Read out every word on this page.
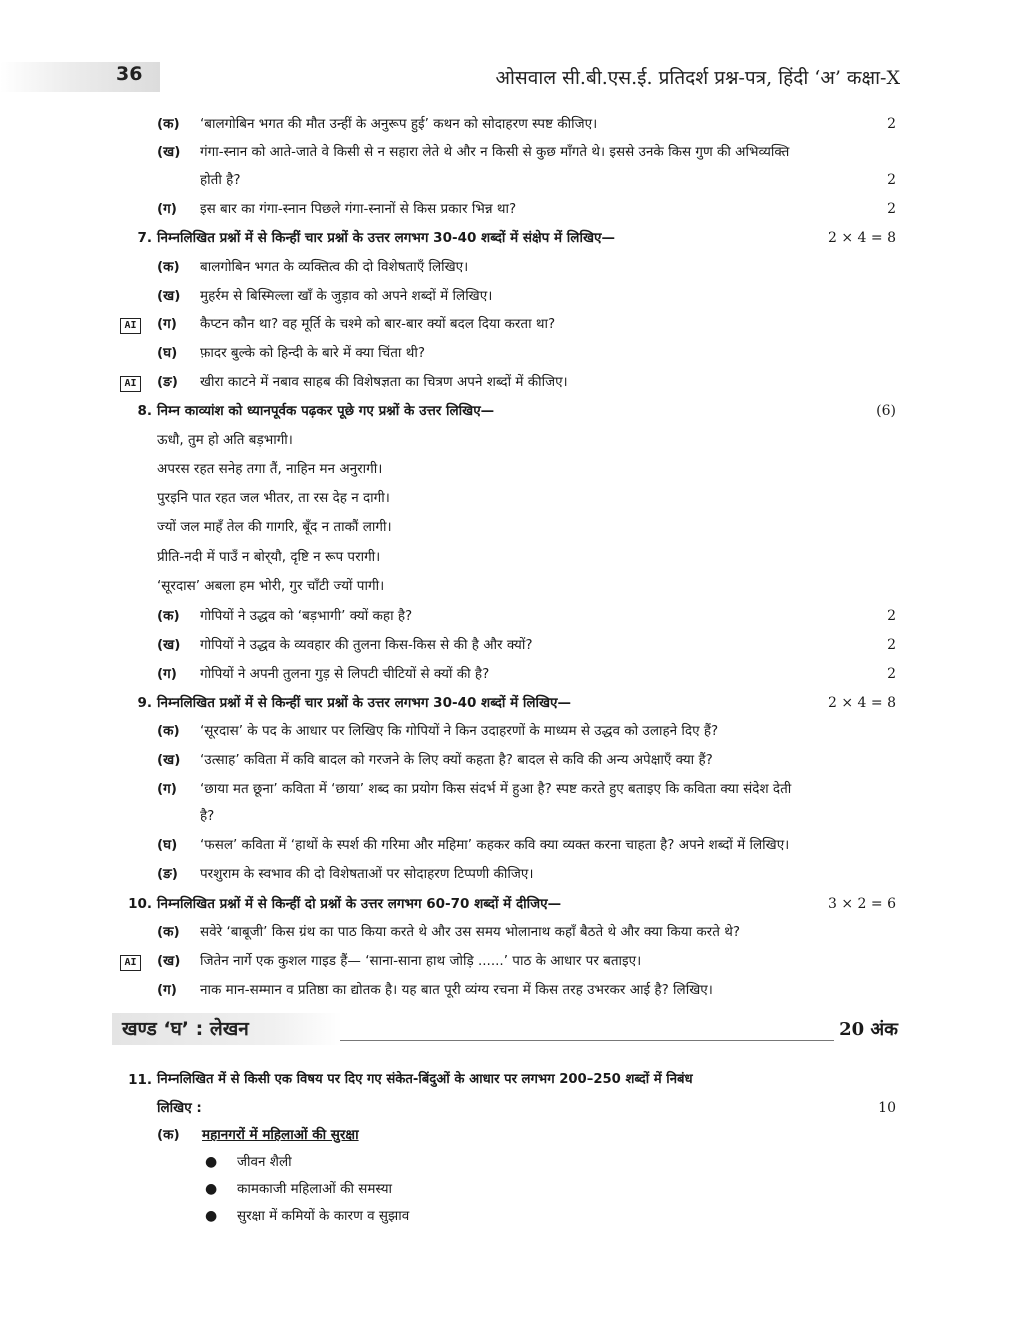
36	ओसवाल सी.बी.एस.ई. प्रतिदर्श प्रश्न-पत्र, हिंदी ‘अ’ कक्षा-X
(क) ‘बालगोबिन भगत की मौत उन्हीं के अनुरूप हुई’ कथन को सोदाहरण स्पष्ट कीजिए।	2
(ख) गंगा-स्नान को आते-जाते वे किसी से न सहारा लेते थे और न किसी से कुछ माँगते थे। इससे उनके किस गुण की अभिव्यक्ति
होती है?	2
(ग) इस बार का गंगा-स्नान पिछले गंगा-स्नानों से किस प्रकार भिन्न था?	2
7. निम्नलिखित प्रश्नों में से किन्हीं चार प्रश्नों के उत्तर लगभग 30-40 शब्दों में संक्षेप में लिखिए—	2 × 4 = 8
(क) बालगोबिन भगत के व्यक्तित्व की दो विशेषताएँ लिखिए।
(ख) मुहर्रम से बिस्मिल्ला खाँ के जुड़ाव को अपने शब्दों में लिखिए।
AI	(ग) कैप्टन कौन था? वह मूर्ति के चश्मे को बार-बार क्यों बदल दिया करता था?
(घ) फ़ादर बुल्के को हिन्दी के बारे में क्या चिंता थी?
AI	(ङ) खीरा काटने में नबाव साहब की विशेषज्ञता का चित्रण अपने शब्दों में कीजिए।
8. निम्न काव्यांश को ध्यानपूर्वक पढ़कर पूछे गए प्रश्नों के उत्तर लिखिए—	(6)
ऊधौ, तुम हो अति बड़भागी।
अपरस रहत सनेह तगा तैं, नाहिन मन अनुरागी।
पुरइनि पात रहत जल भीतर, ता रस देह न दागी।
ज्यों जल माहँ तेल की गागरि, बूँद न ताकौं लागी।
प्रीति-नदी में पाउँ न बोर्‌यौ, दृष्टि न रूप परागी।
‘सूरदास’ अबला हम भोरी, गुर चाँटी ज्यों पागी।
(क) गोपियों ने उद्धव को ‘बड़भागी’ क्यों कहा है?	2
(ख) गोपियों ने उद्धव के व्यवहार की तुलना किस-किस से की है और क्यों?	2
(ग) गोपियों ने अपनी तुलना गुड़ से लिपटी चीटियों से क्यों की है?	2
9. निम्नलिखित प्रश्नों में से किन्हीं चार प्रश्नों के उत्तर लगभग 30-40 शब्दों में लिखिए—	2 × 4 = 8
(क) ‘सूरदास’ के पद के आधार पर लिखिए कि गोपियों ने किन उदाहरणों के माध्यम से उद्धव को उलाहने दिए हैं?
(ख) ‘उत्साह’ कविता में कवि बादल को गरजने के लिए क्यों कहता है? बादल से कवि की अन्य अपेक्षाएँ क्या हैं?
(ग) ‘छाया मत छूना’ कविता में ‘छाया’ शब्द का प्रयोग किस संदर्भ में हुआ है? स्पष्ट करते हुए बताइए कि कविता क्या संदेश देती
है?
(घ) ‘फसल’ कविता में ‘हाथों के स्पर्श की गरिमा और महिमा’ कहकर कवि क्या व्यक्त करना चाहता है? अपने शब्दों में लिखिए।
(ङ) परशुराम के स्वभाव की दो विशेषताओं पर सोदाहरण टिप्पणी कीजिए।
10. निम्नलिखित प्रश्नों में से किन्हीं दो प्रश्नों के उत्तर लगभग 60-70 शब्दों में दीजिए—	3 × 2 = 6
(क) सवेरे ‘बाबूजी’ किस ग्रंथ का पाठ किया करते थे और उस समय भोलानाथ कहाँ बैठते थे और क्या किया करते थे?
AI	(ख) जितेन नार्गे एक कुशल गाइड हैं— ‘साना-साना हाथ जोड़ि ......’ पाठ के आधार पर बताइए।
(ग) नाक मान-सम्मान व प्रतिष्ठा का द्योतक है। यह बात पूरी व्यंग्य रचना में किस तरह उभरकर आई है? लिखिए।
खण्ड ‘घ’ : लेखन	20 अंक
11. निम्नलिखित में से किसी एक विषय पर दिए गए संकेत-बिंदुओं के आधार पर लगभग 200–250 शब्दों में निबंध
लिखिए :	10
(क) महानगरों में महिलाओं की सुरक्षा
● जीवन शैली
● कामकाजी महिलाओं की समस्या
● सुरक्षा में कमियों के कारण व सुझाव
